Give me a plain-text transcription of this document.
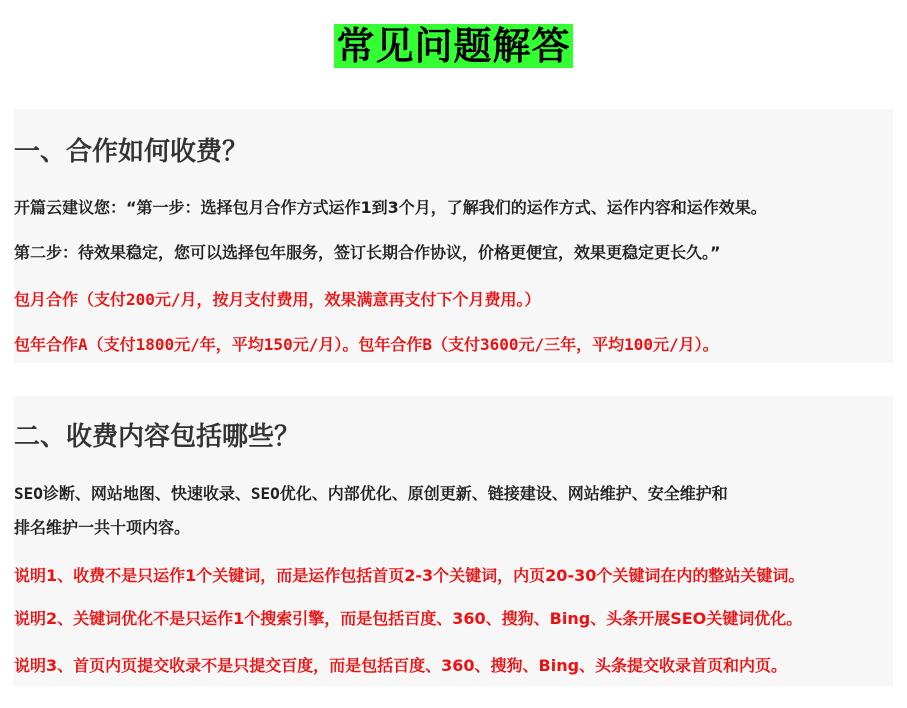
常见问题解答
一、合作如何收费？
开篇云建议您：“第一步：选择包月合作方式运作1到3个月，了解我们的运作方式、运作内容和运作效果。
第二步：待效果稳定，您可以选择包年服务，签订长期合作协议，价格更便宜，效果更稳定更长久。”
包月合作（支付200元/月，按月支付费用，效果满意再支付下个月费用。）
包年合作A（支付1800元/年，平均150元/月）。包年合作B（支付3600元/三年，平均100元/月）。
二、收费内容包括哪些？
SEO诊断、网站地图、快速收录、SEO优化、内部优化、原创更新、链接建设、网站维护、安全维护和
排名维护一共十项内容。
说明1、收费不是只运作1个关键词，而是运作包括首页2-3个关键词，内页20-30个关键词在内的整站关键词。
说明2、关键词优化不是只运作1个搜索引擎，而是包括百度、360、搜狗、Bing、头条开展SEO关键词优化。
说明3、首页内页提交收录不是只提交百度，而是包括百度、360、搜狗、Bing、头条提交收录首页和内页。
